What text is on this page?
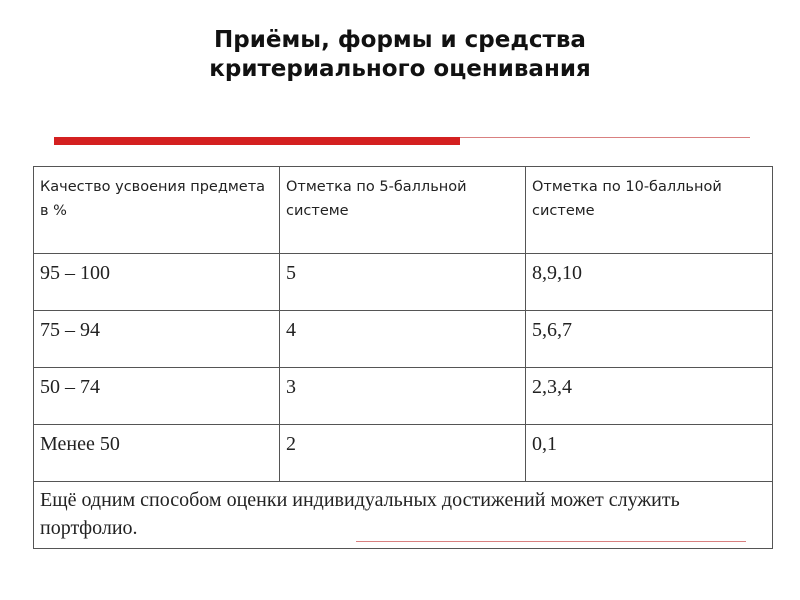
Приёмы, формы и средства
критериального оценивания
Качество усвоения предмета в %	Отметка по 5-балльной системе	Отметка по 10-балльной системе
95 – 100	5	8,9,10
75 – 94	4	5,6,7
50 – 74	3	2,3,4
Менее 50	2	0,1
Ещё одним способом оценки индивидуальных достижений может служить портфолио.		
